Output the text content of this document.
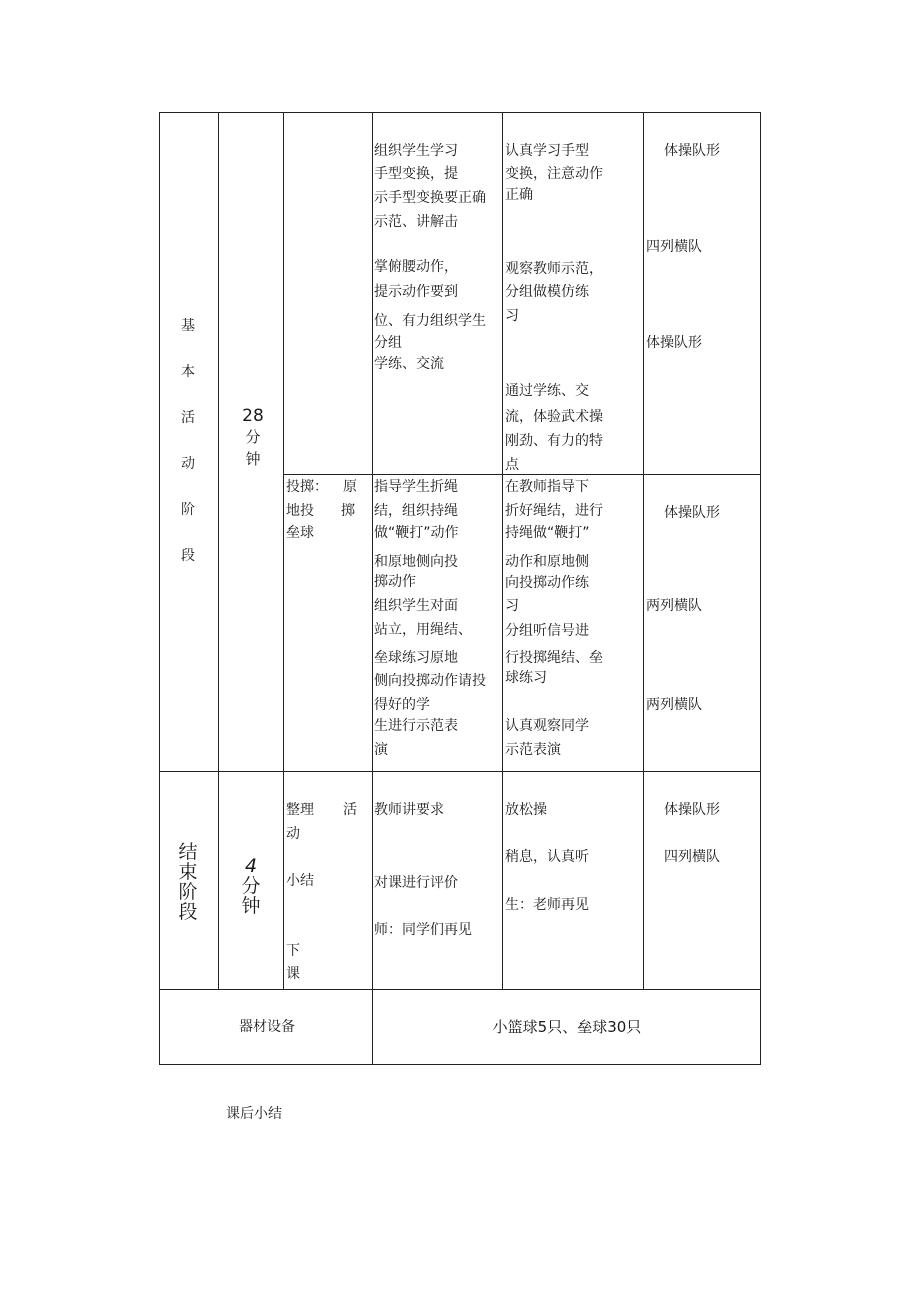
基
本
活
动
阶
段
28
分
钟
组织学生学习
手型变换，提
示手型变换要正确
示范、讲解击
掌俯腰动作，
提示动作要到
位、有力组织学生
分组
学练、交流
认真学习手型
变换，注意动作
正确
观察教师示范，
分组做模仿练
习
通过学练、交
流，体验武术操
刚劲、有力的特
点
体操队形
四列横队
体操队形
投掷： 原
地投 掷
垒球
指导学生折绳
结，组织持绳
做“鞭打”动作
和原地侧向投
掷动作
组织学生对面
站立，用绳结、
垒球练习原地
侧向投掷动作请投
得好的学
生进行示范表
演
在教师指导下
折好绳结，进行
持绳做“鞭打”
动作和原地侧
向投掷动作练
习
分组听信号进
行投掷绳结、垒
球练习
认真观察同学
示范表演
体操队形
两列横队
两列横队
结
束
阶
段
4
分
钟
整理 活
动
小结
下
课
教师讲要求
对课进行评价
师：同学们再见
放松操
稍息，认真听
生：老师再见
体操队形
四列横队
器材设备	小篮球5只、垒球30只
课后小结
